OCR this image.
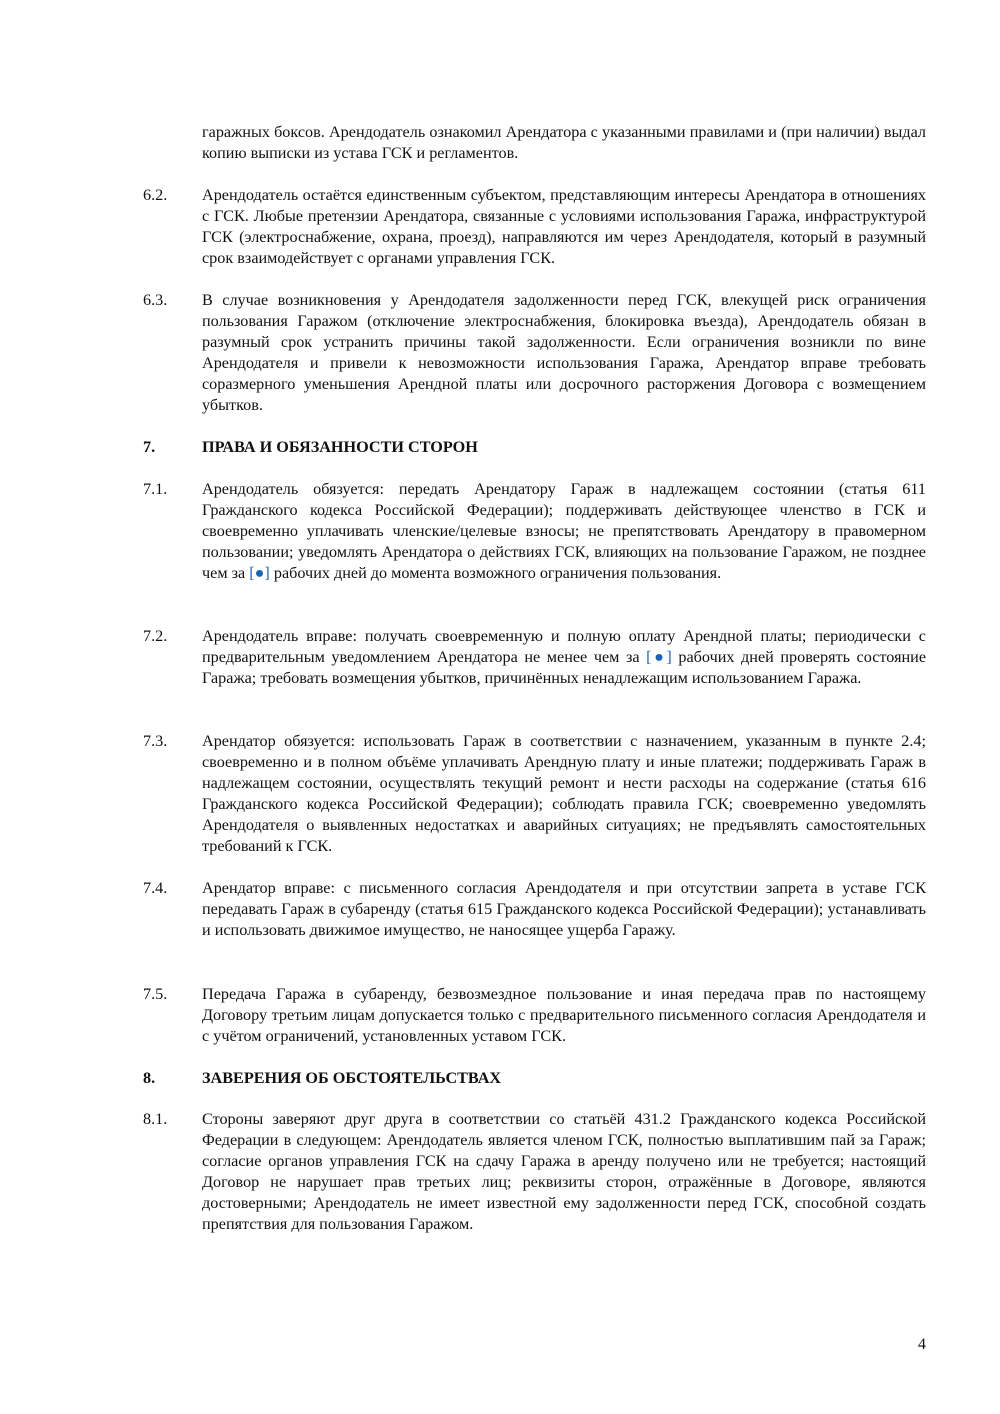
гаражных боксов. Арендодатель ознакомил Арендатора с указанными правилами и (при наличии) выдал копию выписки из устава ГСК и регламентов.
6.2. Арендодатель остаётся единственным субъектом, представляющим интересы Арендатора в отношениях с ГСК. Любые претензии Арендатора, связанные с условиями использования Гаража, инфраструктурой ГСК (электроснабжение, охрана, проезд), направляются им через Арендодателя, который в разумный срок взаимодействует с органами управления ГСК.
6.3. В случае возникновения у Арендодателя задолженности перед ГСК, влекущей риск ограничения пользования Гаражом (отключение электроснабжения, блокировка въезда), Арендодатель обязан в разумный срок устранить причины такой задолженности. Если ограничения возникли по вине Арендодателя и привели к невозможности использования Гаража, Арендатор вправе требовать соразмерного уменьшения Арендной платы или досрочного расторжения Договора с возмещением убытков.
7.	ПРАВА И ОБЯЗАННОСТИ СТОРОН
7.1. Арендодатель обязуется: передать Арендатору Гараж в надлежащем состоянии (статья 611 Гражданского кодекса Российской Федерации); поддерживать действующее членство в ГСК и своевременно уплачивать членские/целевые взносы; не препятствовать Арендатору в правомерном пользовании; уведомлять Арендатора о действиях ГСК, влияющих на пользование Гаражом, не позднее чем за [●] рабочих дней до момента возможного ограничения пользования.
7.2. Арендодатель вправе: получать своевременную и полную оплату Арендной платы; периодически с предварительным уведомлением Арендатора не менее чем за [●] рабочих дней проверять состояние Гаража; требовать возмещения убытков, причинённых ненадлежащим использованием Гаража.
7.3. Арендатор обязуется: использовать Гараж в соответствии с назначением, указанным в пункте 2.4; своевременно и в полном объёме уплачивать Арендную плату и иные платежи; поддерживать Гараж в надлежащем состоянии, осуществлять текущий ремонт и нести расходы на содержание (статья 616 Гражданского кодекса Российской Федерации); соблюдать правила ГСК; своевременно уведомлять Арендодателя о выявленных недостатках и аварийных ситуациях; не предъявлять самостоятельных требований к ГСК.
7.4. Арендатор вправе: с письменного согласия Арендодателя и при отсутствии запрета в уставе ГСК передавать Гараж в субаренду (статья 615 Гражданского кодекса Российской Федерации); устанавливать и использовать движимое имущество, не наносящее ущерба Гаражу.
7.5. Передача Гаража в субаренду, безвозмездное пользование и иная передача прав по настоящему Договору третьим лицам допускается только с предварительного письменного согласия Арендодателя и с учётом ограничений, установленных уставом ГСК.
8.	ЗАВЕРЕНИЯ ОБ ОБСТОЯТЕЛЬСТВАХ
8.1. Стороны заверяют друг друга в соответствии со статьёй 431.2 Гражданского кодекса Российской Федерации в следующем: Арендодатель является членом ГСК, полностью выплатившим пай за Гараж; согласие органов управления ГСК на сдачу Гаража в аренду получено или не требуется; настоящий Договор не нарушает прав третьих лиц; реквизиты сторон, отражённые в Договоре, являются достоверными; Арендодатель не имеет известной ему задолженности перед ГСК, способной создать препятствия для пользования Гаражом.
4
